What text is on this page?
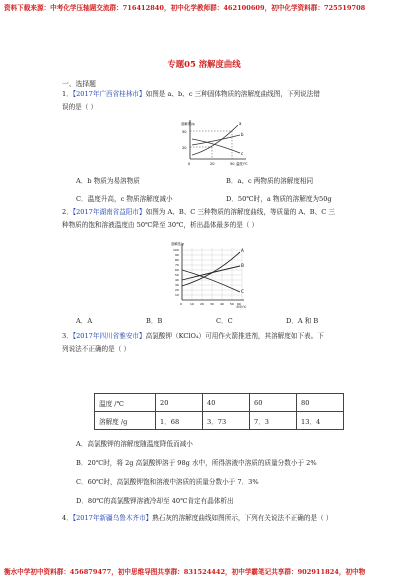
资料下载来源：中考化学压轴题交流群：716412840，初中化学教师群：462100609，初中化学资料群：725519708
专题05 溶解度曲线
一、选择题
1．【2017年广西省桂林市】如图是 a、b、c 三种固体物质的溶解度曲线图，下列说法错
误的是（ ）
a
b
c
溶解度/g
50
20
0	20	50 温度/℃
A．b 物质为易溶物质	B．a、c 两物质的溶解度相同
C．温度升高，c 物质溶解度减小	D．50℃时，a 物质的溶解度为50g
2．【2017年湖南省益阳市】如图为 A、B、C 三种物质的溶解度曲线，等质量的 A、B、C 三
种物质的饱和溶液温度由 50℃降至 30℃，析出晶体最多的是（ ）
A
B
C
溶解度/g
100
90
80
70
60
50
40
30
20
10
0	10 20 30 40 50 60
温度/℃
A．A	B．B	C．C	D．A 和 B
3．【2017年四川省雅安市】高氯酸钾（KClO₄）可用作火箭推进剂，其溶解度如下表。下
列说法不正确的是（ ）
温度 /℃	20	40	60	80
溶解度 /g	1．68	3．73	7．3	13．4
A．高氯酸钾的溶解度随温度降低而减小
B．20℃时，将 2g 高氯酸钾溶于 98g 水中，所得溶液中溶质的质量分数小于 2%
C．60℃时，高氯酸钾饱和溶液中溶质的质量分数小于 7．3%
D．80℃的高氯酸钾溶液冷却至 40℃肯定有晶体析出
4．【2017年新疆乌鲁木齐市】熟石灰的溶解度曲线如图所示，下列有关说法不正确的是（ ）
衡水中学初中资料群：456879477，初中思维导图共享群：831524442，初中学霸笔记共享群：902911824，初中物
